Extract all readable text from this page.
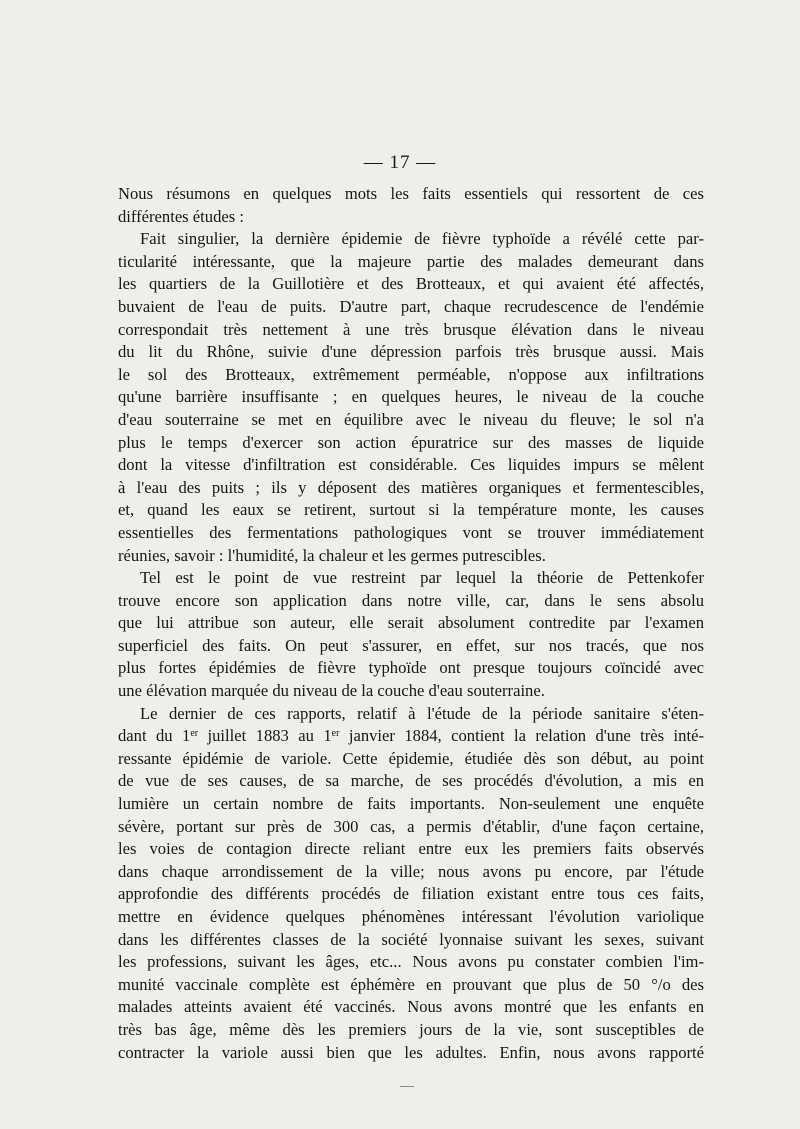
— 17 —
Nous résumons en quelques mots les faits essentiels qui ressortent de ces
différentes études :
Fait singulier, la dernière épidemie de fièvre typhoïde a révélé cette par-
ticularité intéressante, que la majeure partie des malades demeurant dans
les quartiers de la Guillotière et des Brotteaux, et qui avaient été affectés,
buvaient de l'eau de puits. D'autre part, chaque recrudescence de l'endémie
correspondait très nettement à une très brusque élévation dans le niveau
du lit du Rhône, suivie d'une dépression parfois très brusque aussi. Mais
le sol des Brotteaux, extrêmement perméable, n'oppose aux infiltrations
qu'une barrière insuffisante ; en quelques heures, le niveau de la couche
d'eau souterraine se met en équilibre avec le niveau du fleuve; le sol n'a
plus le temps d'exercer son action épuratrice sur des masses de liquide
dont la vitesse d'infiltration est considérable. Ces liquides impurs se mêlent
à l'eau des puits ; ils y déposent des matières organiques et fermentescibles,
et, quand les eaux se retirent, surtout si la température monte, les causes
essentielles des fermentations pathologiques vont se trouver immédiatement
réunies, savoir : l'humidité, la chaleur et les germes putrescibles.
Tel est le point de vue restreint par lequel la théorie de Pettenkofer
trouve encore son application dans notre ville, car, dans le sens absolu
que lui attribue son auteur, elle serait absolument contredite par l'examen
superficiel des faits. On peut s'assurer, en effet, sur nos tracés, que nos
plus fortes épidémies de fièvre typhoïde ont presque toujours coïncidé avec
une élévation marquée du niveau de la couche d'eau souterraine.
Le dernier de ces rapports, relatif à l'étude de la période sanitaire s'éten-
dant du 1er juillet 1883 au 1er janvier 1884, contient la relation d'une très inté-
ressante épidémie de variole. Cette épidemie, étudiée dès son début, au point
de vue de ses causes, de sa marche, de ses procédés d'évolution, a mis en
lumière un certain nombre de faits importants. Non-seulement une enquête
sévère, portant sur près de 300 cas, a permis d'établir, d'une façon certaine,
les voies de contagion directe reliant entre eux les premiers faits observés
dans chaque arrondissement de la ville; nous avons pu encore, par l'étude
approfondie des différents procédés de filiation existant entre tous ces faits,
mettre en évidence quelques phénomènes intéressant l'évolution variolique
dans les différentes classes de la société lyonnaise suivant les sexes, suivant
les professions, suivant les âges, etc... Nous avons pu constater combien l'im-
munité vaccinale complète est éphémère en prouvant que plus de 50 °/o des
malades atteints avaient été vaccinés. Nous avons montré que les enfants en
très bas âge, même dès les premiers jours de la vie, sont susceptibles de
contracter la variole aussi bien que les adultes. Enfin, nous avons rapporté
